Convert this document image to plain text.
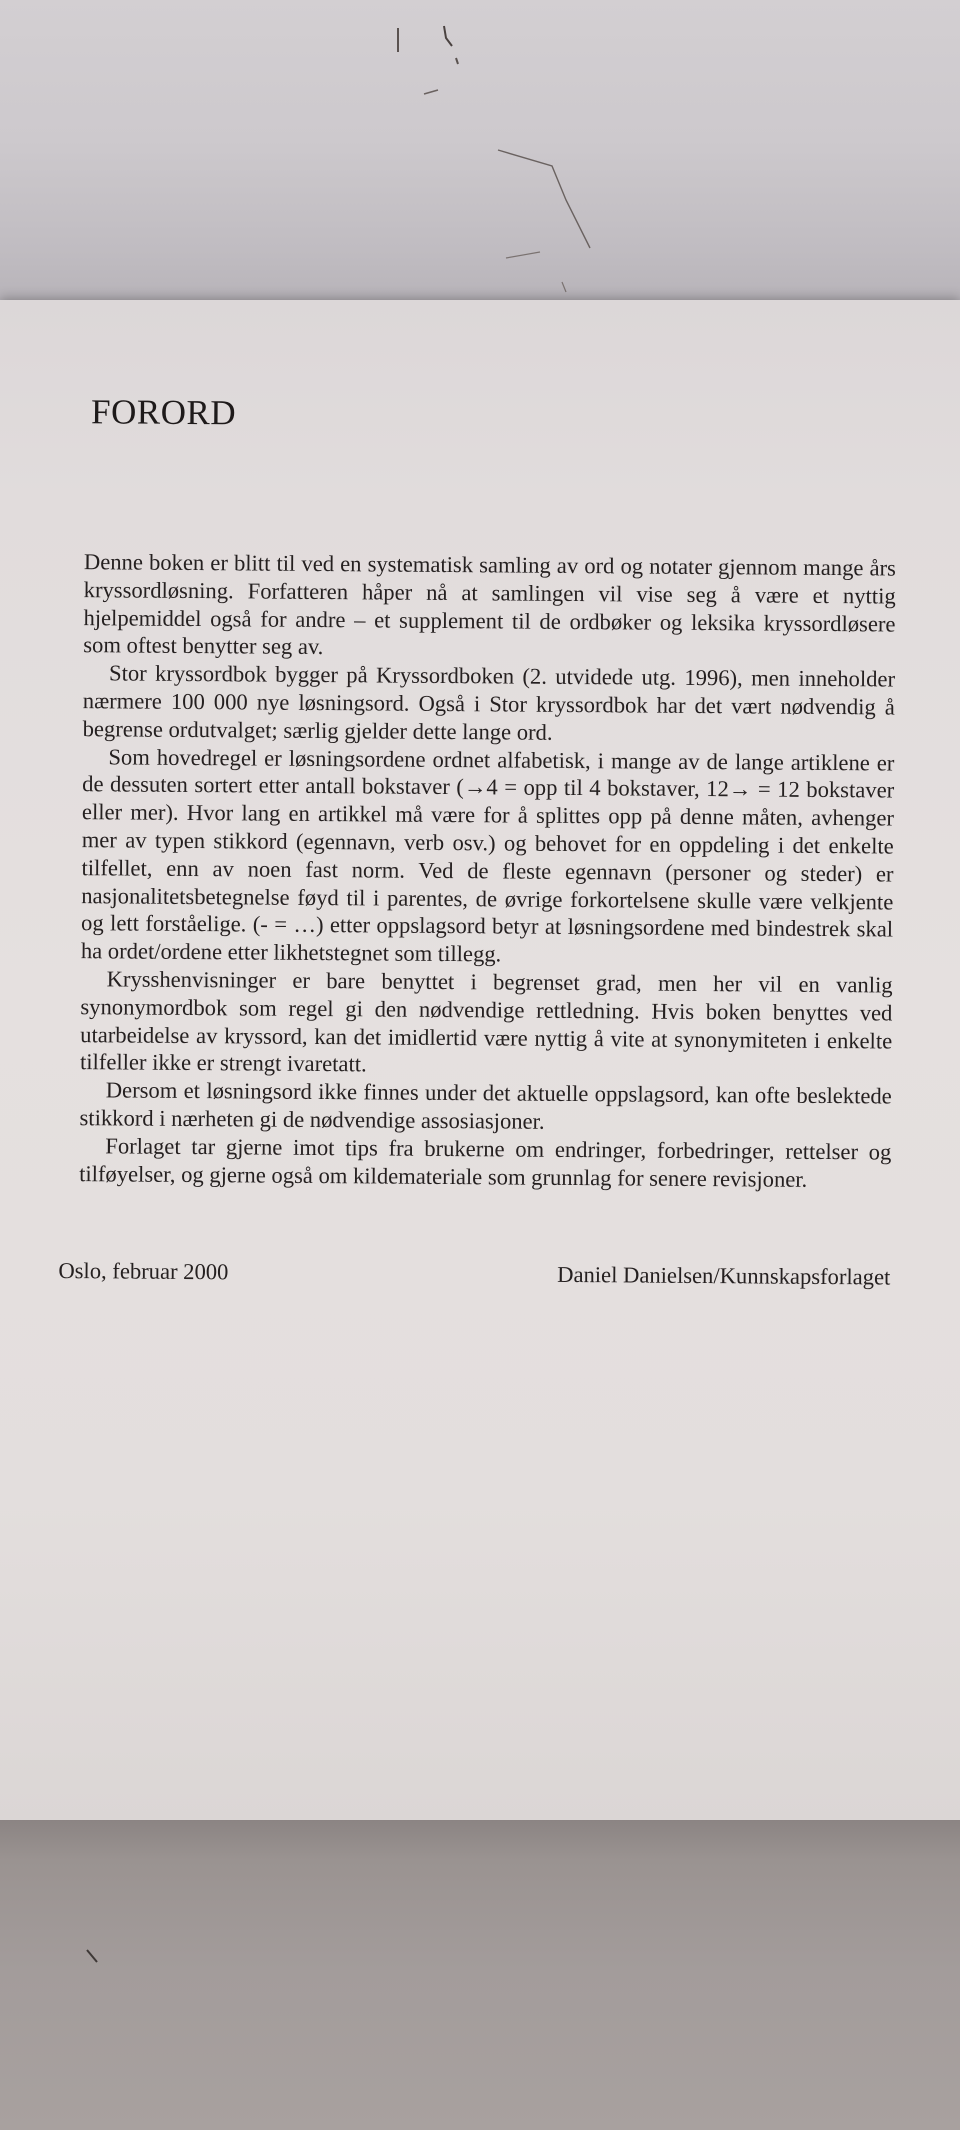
FORORD

Denne boken er blitt til ved en systematisk samling av ord og notater gjennom mange års kryssordløsning. Forfatteren håper nå at samlingen vil vise seg å være et nyttig hjelpemiddel også for andre – et supplement til de ordbøker og leksika kryssordløsere som oftest benytter seg av.

Stor kryssordbok bygger på Kryssordboken (2. utvidede utg. 1996), men inneholder nærmere 100 000 nye løsningsord. Også i Stor kryssordbok har det vært nødvendig å begrense ordutvalget; særlig gjelder dette lange ord.

Som hovedregel er løsningsordene ordnet alfabetisk, i mange av de lange artiklene er de dessuten sortert etter antall bokstaver (→4 = opp til 4 bokstaver, 12→ = 12 bokstaver eller mer). Hvor lang en artikkel må være for å splittes opp på denne måten, avhenger mer av typen stikkord (egennavn, verb osv.) og behovet for en oppdeling i det enkelte tilfellet, enn av noen fast norm. Ved de fleste egennavn (personer og steder) er nasjonalitetsbetegnelse føyd til i parentes, de øvrige forkortelsene skulle være velkjente og lett forståelige. (- = …) etter oppslagsord betyr at løsningsordene med bindestrek skal ha ordet/ordene etter likhetstegnet som tillegg.

Krysshenvisninger er bare benyttet i begrenset grad, men her vil en vanlig synonymordbok som regel gi den nødvendige rettledning. Hvis boken benyttes ved utarbeidelse av kryssord, kan det imidlertid være nyttig å vite at synonymiteten i enkelte tilfeller ikke er strengt ivaretatt.

Dersom et løsningsord ikke finnes under det aktuelle oppslagsord, kan ofte beslektede stikkord i nærheten gi de nødvendige assosiasjoner.

Forlaget tar gjerne imot tips fra brukerne om endringer, forbedringer, rettelser og tilføyelser, og gjerne også om kildemateriale som grunnlag for senere revisjoner.

Oslo, februar 2000	Daniel Danielsen/Kunnskapsforlaget
